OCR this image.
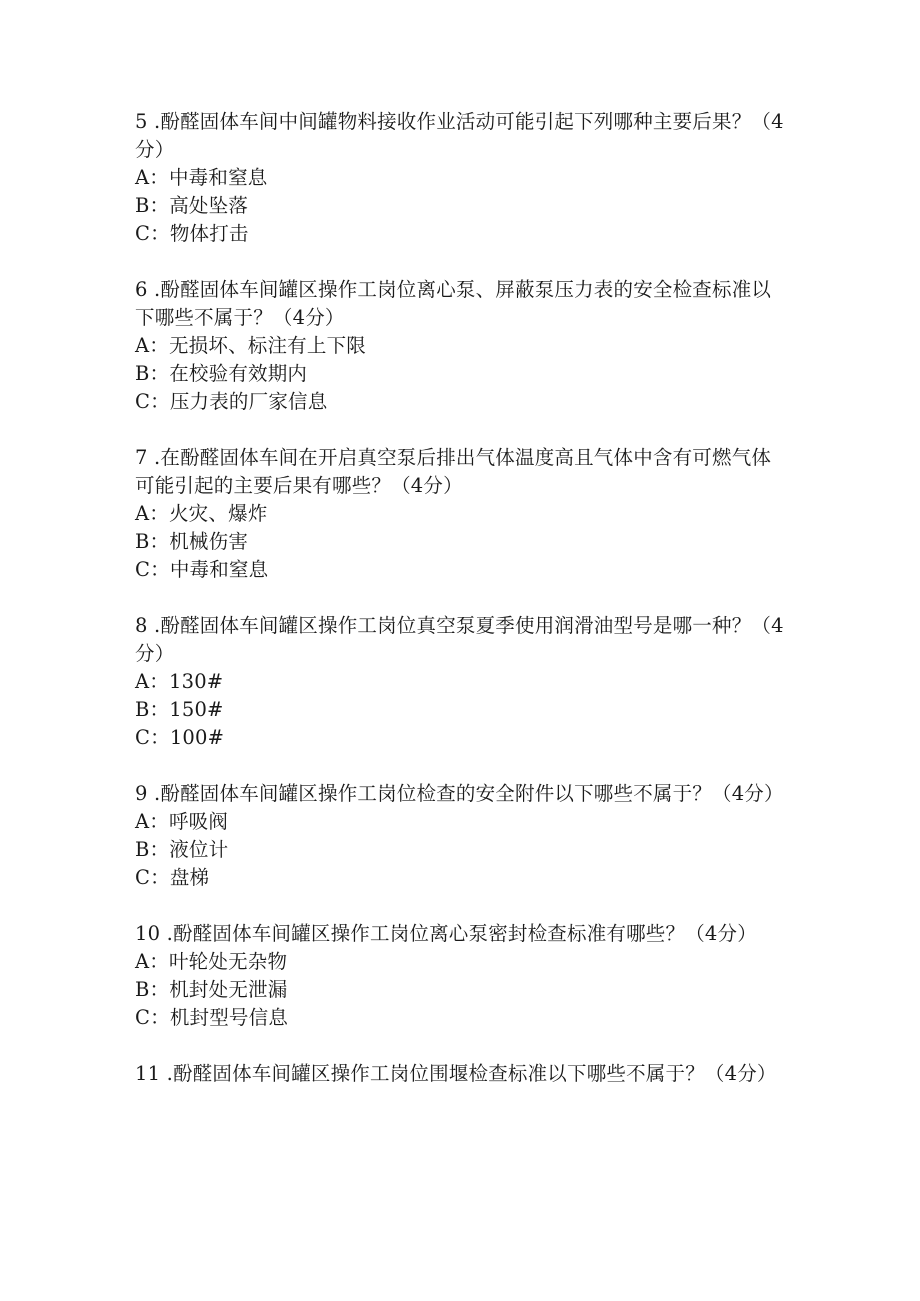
5 .酚醛固体车间中间罐物料接收作业活动可能引起下列哪种主要后果？（4分）

A：中毒和窒息

B：高处坠落

C：物体打击

6 .酚醛固体车间罐区操作工岗位离心泵、屏蔽泵压力表的安全检查标准以下哪些不属于？（4分）

A：无损坏、标注有上下限

B：在校验有效期内

C：压力表的厂家信息

7 .在酚醛固体车间在开启真空泵后排出气体温度高且气体中含有可燃气体可能引起的主要后果有哪些？（4分）

A：火灾、爆炸

B：机械伤害

C：中毒和窒息

8 .酚醛固体车间罐区操作工岗位真空泵夏季使用润滑油型号是哪一种？（4分）

A：130#

B：150#

C：100#

9 .酚醛固体车间罐区操作工岗位检查的安全附件以下哪些不属于？（4分）

A：呼吸阀

B：液位计

C：盘梯

10 .酚醛固体车间罐区操作工岗位离心泵密封检查标准有哪些？（4分）

A：叶轮处无杂物

B：机封处无泄漏

C：机封型号信息

11 .酚醛固体车间罐区操作工岗位围堰检查标准以下哪些不属于？（4分）
